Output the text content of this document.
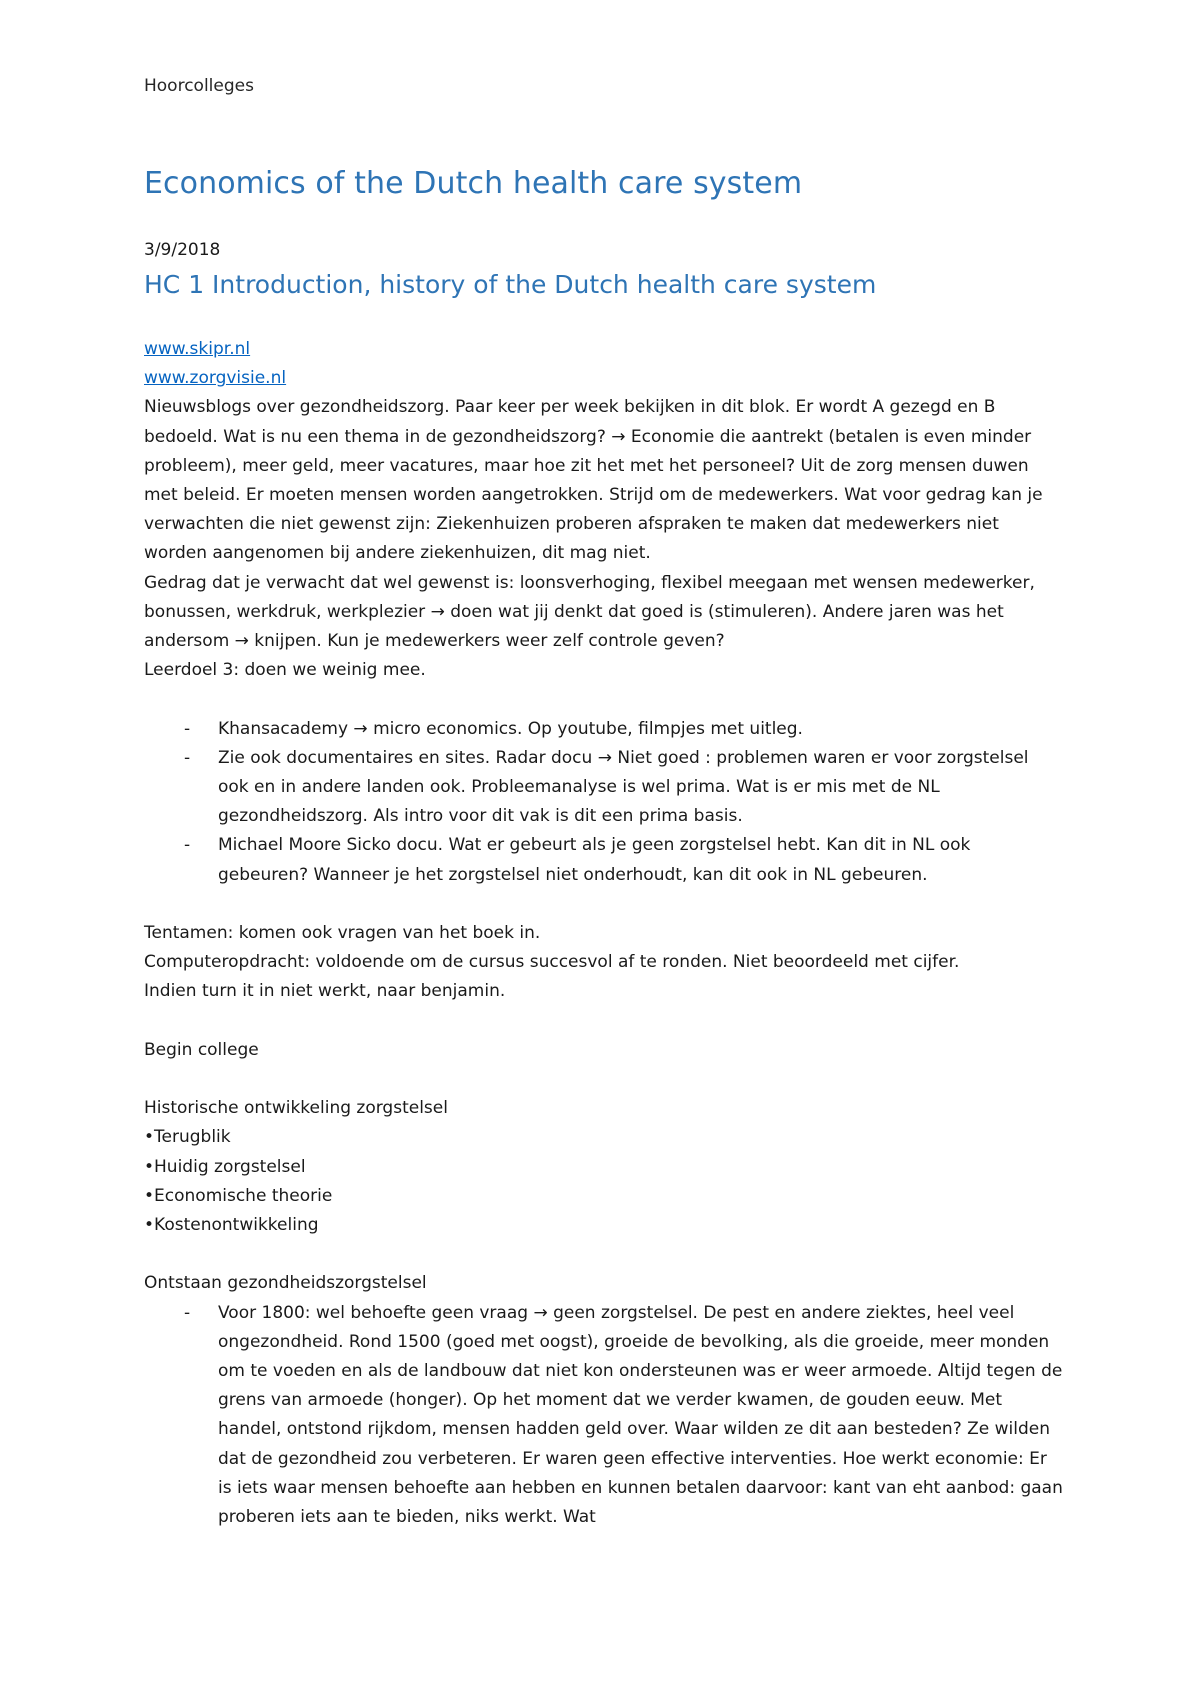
Hoorcolleges
Economics of the Dutch health care system
3/9/2018
HC 1 Introduction, history of the Dutch health care system

www.skipr.nl

www.zorgvisie.nl

Nieuwsblogs over gezondheidszorg. Paar keer per week bekijken in dit blok. Er wordt A gezegd en B bedoeld. Wat is nu een thema in de gezondheidszorg? → Economie die aantrekt (betalen is even minder probleem), meer geld, meer vacatures, maar hoe zit het met het personeel? Uit de zorg mensen duwen met beleid. Er moeten mensen worden aangetrokken. Strijd om de medewerkers. Wat voor gedrag kan je verwachten die niet gewenst zijn: Ziekenhuizen proberen afspraken te maken dat medewerkers niet worden aangenomen bij andere ziekenhuizen, dit mag niet.

Gedrag dat je verwacht dat wel gewenst is: loonsverhoging, flexibel meegaan met wensen medewerker, bonussen, werkdruk, werkplezier → doen wat jij denkt dat goed is (stimuleren). Andere jaren was het andersom → knijpen. Kun je medewerkers weer zelf controle geven?

Leerdoel 3: doen we weinig mee.

- Khansacademy → micro economics. Op youtube, filmpjes met uitleg.
- Zie ook documentaires en sites. Radar docu → Niet goed : problemen waren er voor zorgstelsel ook en in andere landen ook. Probleemanalyse is wel prima. Wat is er mis met de NL gezondheidszorg. Als intro voor dit vak is dit een prima basis.
- Michael Moore Sicko docu. Wat er gebeurt als je geen zorgstelsel hebt. Kan dit in NL ook gebeuren? Wanneer je het zorgstelsel niet onderhoudt, kan dit ook in NL gebeuren.

Tentamen: komen ook vragen van het boek in.

Computeropdracht: voldoende om de cursus succesvol af te ronden. Niet beoordeeld met cijfer.

Indien turn it in niet werkt, naar benjamin.

Begin college

Historische ontwikkeling zorgstelsel

•Terugblik

•Huidig zorgstelsel

•Economische theorie

•Kostenontwikkeling

Ontstaan gezondheidszorgstelsel

- Voor 1800: wel behoefte geen vraag → geen zorgstelsel. De pest en andere ziektes, heel veel ongezondheid. Rond 1500 (goed met oogst), groeide de bevolking, als die groeide, meer monden om te voeden en als de landbouw dat niet kon ondersteunen was er weer armoede. Altijd tegen de grens van armoede (honger). Op het moment dat we verder kwamen, de gouden eeuw. Met handel, ontstond rijkdom, mensen hadden geld over. Waar wilden ze dit aan besteden? Ze wilden dat de gezondheid zou verbeteren. Er waren geen effective interventies. Hoe werkt economie: Er is iets waar mensen behoefte aan hebben en kunnen betalen daarvoor: kant van eht aanbod: gaan proberen iets aan te bieden, niks werkt. Wat
